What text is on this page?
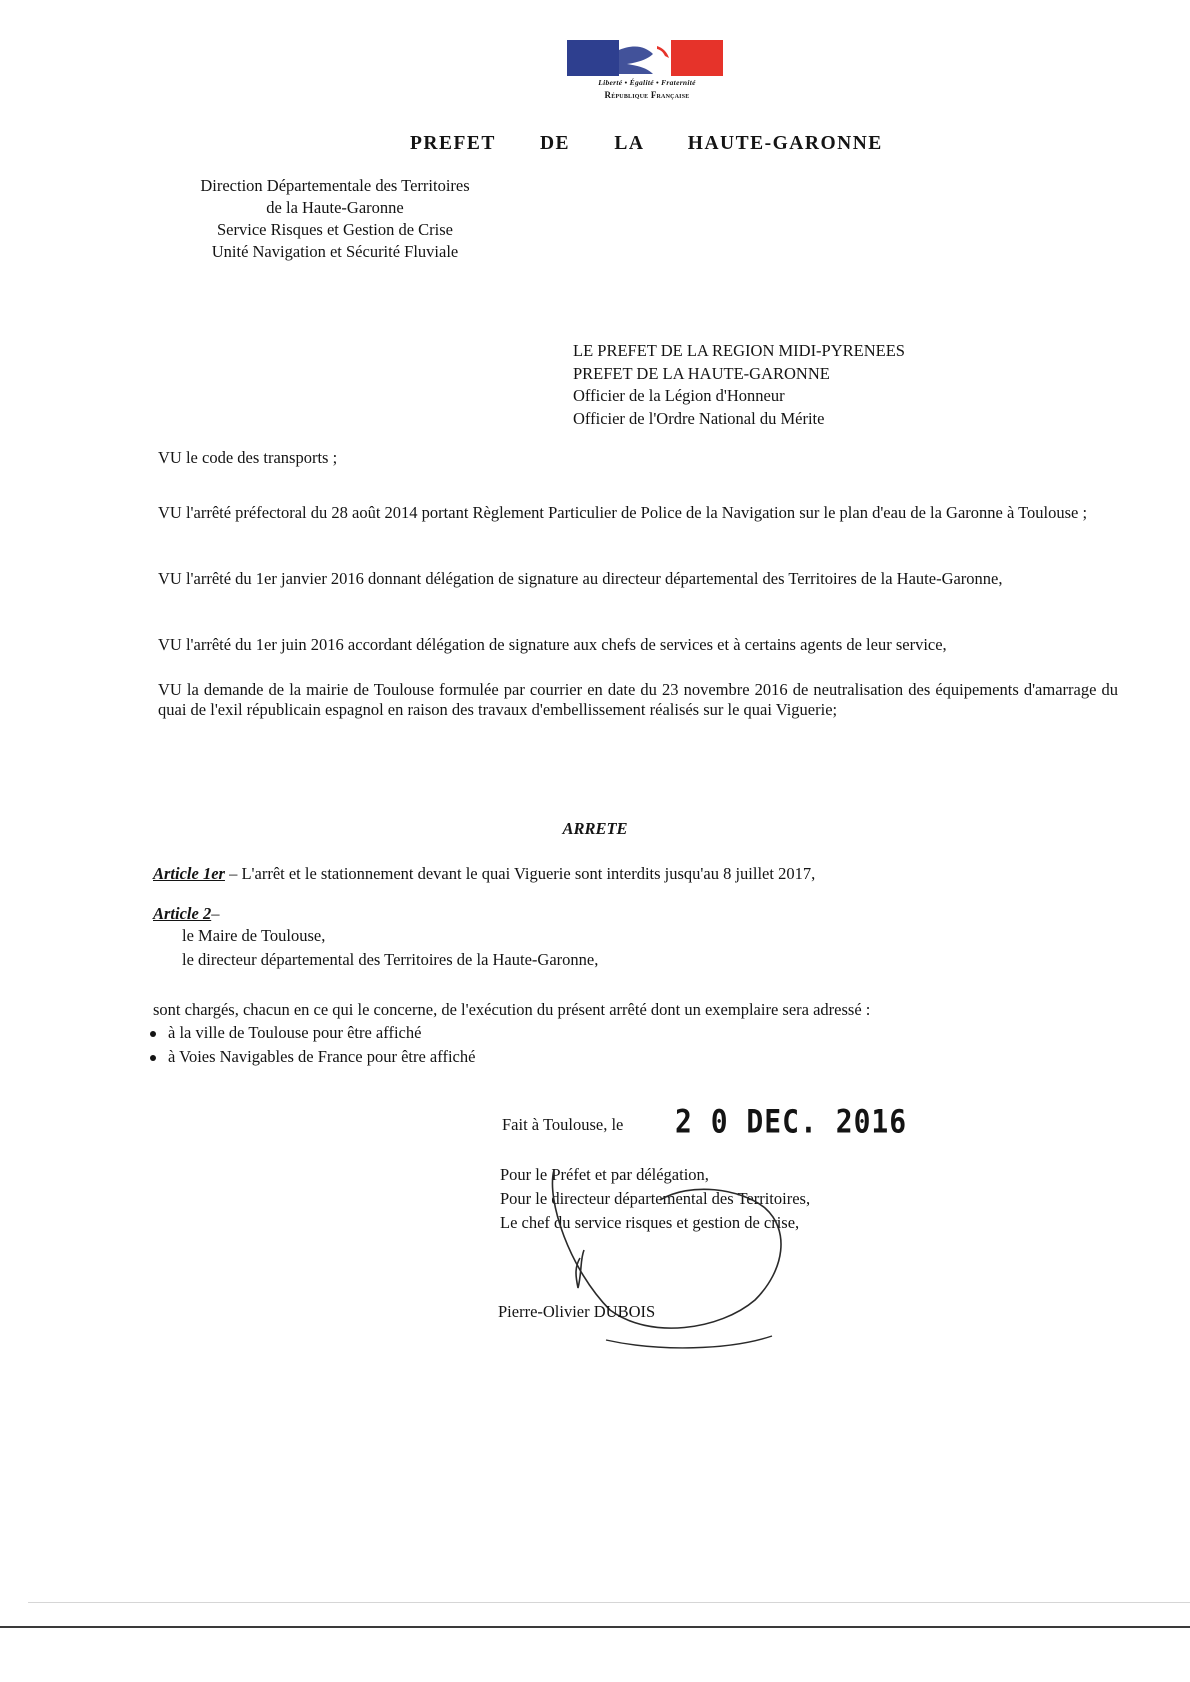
Liberté • Égalité • Fraternité
République Française
PREFET DE LA HAUTE-GARONNE
Direction Départementale des Territoires
de la Haute-Garonne
Service Risques et Gestion de Crise
Unité Navigation et Sécurité Fluviale
LE PREFET DE LA REGION MIDI-PYRENEES
PREFET DE LA HAUTE-GARONNE
Officier de la Légion d'Honneur
Officier de l'Ordre National du Mérite
VU le code des transports ;
VU l'arrêté préfectoral du 28 août 2014 portant Règlement Particulier de Police de la Navigation sur le plan d'eau de la Garonne à Toulouse ;
VU l'arrêté du 1er janvier 2016 donnant délégation de signature au directeur départemental des Territoires de la Haute-Garonne,
VU l'arrêté du 1er juin 2016 accordant délégation de signature aux chefs de services et à certains agents de leur service,
VU la demande de la mairie de Toulouse formulée par courrier en date du 23 novembre 2016 de neutralisation des équipements d'amarrage du quai de l'exil républicain espagnol en raison des travaux d'embellissement réalisés sur le quai Viguerie;
ARRETE
Article 1er – L'arrêt et le stationnement devant le quai Viguerie sont interdits jusqu'au 8 juillet 2017,
Article 2–
le Maire de Toulouse,
le directeur départemental des Territoires de la Haute-Garonne,
sont chargés, chacun en ce qui le concerne, de l'exécution du présent arrêté dont un exemplaire sera adressé :
à la ville de Toulouse pour être affiché
à Voies Navigables de France pour être affiché
Fait à Toulouse, le 2 0 DEC. 2016
Pour le Préfet et par délégation,
Pour le directeur départemental des Territoires,
Le chef du service risques et gestion de crise,
Pierre-Olivier DUBOIS
